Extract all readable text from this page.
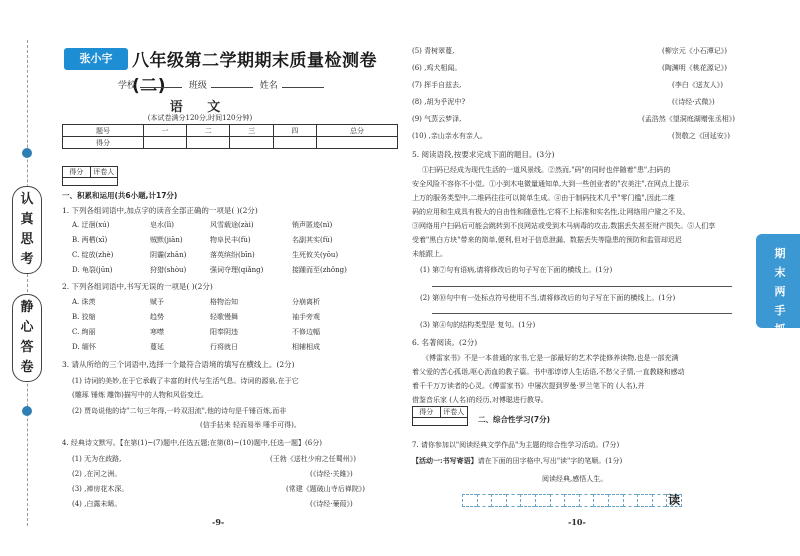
认
真
思
考
静
心
答
卷
张小宇	八年级第二学期期末质量检测卷(二)
学校	班级	姓名
语 文
(本试卷满分120分,时间120分钟)
题号	一	二	三	四	总分
得分					
得分	评卷人
一、积累和运用(共6小题,计17分)
1. 下列各组词语中,加点字的读音全部正确的一项是( )(2分)
A. 迂徊(xú)	皂水(lì)	风雪载途(zài)	销声匿迹(nì)
B. 两栖(xī)	贼默(jiān)	物阜民丰(fù)	名副其实(fù)
C. 绽放(zhè)	阴霾(zhān)	落英缤纷(bīn)	生死攸关(yōu)
D. 龟裂(jūn)	狩猎(shòu)	强词夺理(qiǎng)	接踵而至(zhǒng)
2. 下列各组词语中,书写无误的一项是( )(2分)
A. 诛羡	赋予	格物治知	分崩离析
B. 狡缩	趋势	轻歌慢舞	袖手旁观
C. 绚丽	寒噤	阳奉阴违	不修边幅
D. 缅怀	蔓延	行将就日	相辅相成
3. 请从所给的三个词语中,选择一个最符合语境的填写在横线上。(2分)
(1) 诗词的美妙,在于它承载了丰富的时代与生活气息。诗词的源泉,在于它
(雕琢 锤炼 雕饰)描写中的人物和风俗变迁。
(2) 贾岛说他的诗"二句三年得,一吟双泪流",他的诗句是千锤百炼,而非
(信手拈来 轻而易举 唾手可得)。
4. 经典诗文默写。【在第(1)~(7)题中,任选五题;在第(8)~(10)题中,任选一题】(6分)
(1) 无为在歧路,	(王勃《送杜少府之任蜀州》)
(2) ,在河之洲。	(《诗经·关雎》)
(3) ,禅房花木深。	(常建《题破山寺后禅院》)
(4) ,白露未晞。	(《诗经·蒹葭》)
-9-
(5) 青树翠蔓,	(柳宗元《小石潭记》)
(6) ,鸡犬相闻。	(陶渊明《桃花源记》)
(7) 挥手自兹去,	(李白《送友人》)
(8) ,胡为乎泥中?	(《诗经·式微》)
(9) 气蒸云梦泽,	(孟浩然《望洞庭湖赠张丞相》)
(10) ,亲山亲水有亲人。	(贺敬之《回延安》)
5. 阅读语段,按要求完成下面的题目。(3分)
①扫码已经成为现代生活的一道风景线。②然而,"码"的同时也伴随着"患",扫码的
安全风险不容你不小觉。①小到木电微量通知单,大到一些创业者的"衣美注",在网点上提示
上万的服务类型中,二维码往往可以简单生成。④由于制码技术几乎"零门槛",因此二维
码的应用和生成具有极大的自由性和随意性,它将不上标准和实名性,让网络用户避之不及。
③网络用户扫码后可能会跳转到不良网站或受到木马病毒的攻击,数据丢失甚至财产损失。⑤人们享
受着"黑白方块"带来的简单,便利,但对于信息泄漏、数据丢失等隐患的预防和监管却迟迟
未能跟上。
(1) 第⑦句有语病,请将修改后的句子写在下面的横线上。(1分)
(2) 第⑩句中有一处标点符号使用不当,请将修改后的句子写在下面的横线上。(1分)
(3) 第④句的结构类型是 复句。(1分)
6. 名著阅读。(2分)
《傅雷家书》不是一本普通的家书,它是一部最好的艺术学徒修养读物,也是一部充满
着父爱的苦心孤诣,呕心沥血的教子篇。书中那谆谆人生话语,不愁父子情,一直教晓和感动
着千千万万读者的心灵。《傅雷家书》中屡次提到罗曼·罗兰笔下的 (人名),并
借鉴音乐家 (人名)的经历,对傅聪进行教导。
得分	评卷人
二、综合性学习(7分)
7. 请你参加以"阅读经典文学作品"为主题的综合性学习活动。(7分)
【活动一:书写寄语】请在下面的田字格中,写出"读"字的笔顺。(1分)
阅读经典,感悟人生。
读
-10-
期
末
两
手
抓
